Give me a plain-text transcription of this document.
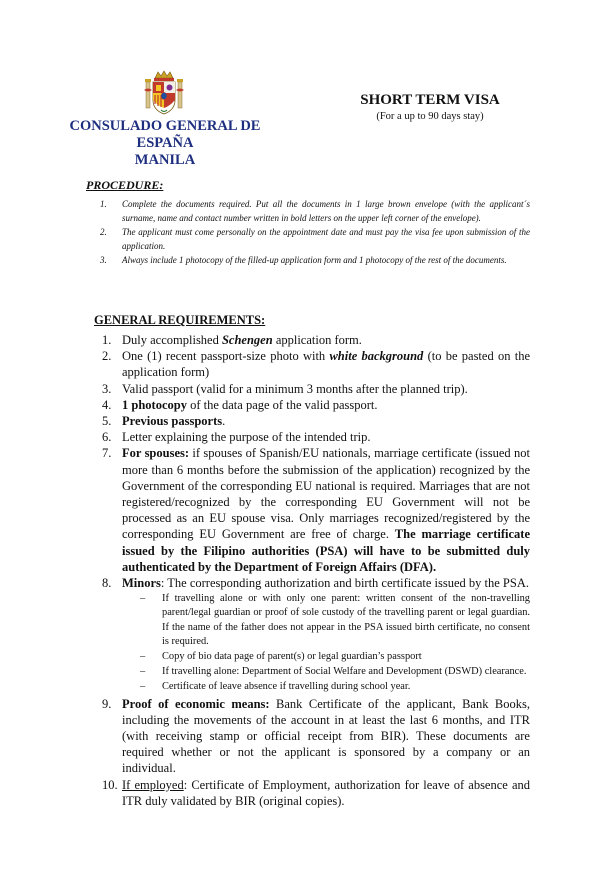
CONSULADO GENERAL DE ESPAÑA
MANILA
SHORT TERM VISA
(For a up to 90 days stay)
PROCEDURE:
1.	Complete the documents required. Put all the documents in 1 large brown envelope (with the applicant´s surname, name and contact number written in bold letters on the upper left corner of the envelope).
2.	The applicant must come personally on the appointment date and must pay the visa fee upon submission of the application.
3.	Always include 1 photocopy of the filled-up application form and 1 photocopy of the rest of the documents.
GENERAL REQUIREMENTS:
1. Duly accomplished Schengen application form.
2. One (1) recent passport-size photo with white background (to be pasted on the application form)
3. Valid passport (valid for a minimum 3 months after the planned trip).
4. 1 photocopy of the data page of the valid passport.
5. Previous passports.
6. Letter explaining the purpose of the intended trip.
7. For spouses: if spouses of Spanish/EU nationals, marriage certificate (issued not more than 6 months before the submission of the application) recognized by the Government of the corresponding EU national is required. Marriages that are not registered/recognized by the corresponding EU Government will not be processed as an EU spouse visa. Only marriages recognized/registered by the corresponding EU Government are free of charge. The marriage certificate issued by the Filipino authorities (PSA) will have to be submitted duly authenticated by the Department of Foreign Affairs (DFA).
8. Minors: The corresponding authorization and birth certificate issued by the PSA.
–	If travelling alone or with only one parent: written consent of the non-travelling parent/legal guardian or proof of sole custody of the travelling parent or legal guardian. If the name of the father does not appear in the PSA issued birth certificate, no consent is required.
–	Copy of bio data page of parent(s) or legal guardian’s passport
–	If travelling alone: Department of Social Welfare and Development (DSWD) clearance.
–	Certificate of leave absence if travelling during school year.
9. Proof of economic means: Bank Certificate of the applicant, Bank Books, including the movements of the account in at least the last 6 months, and ITR (with receiving stamp or official receipt from BIR). These documents are required whether or not the applicant is sponsored by a company or an individual.
10. If employed: Certificate of Employment, authorization for leave of absence and ITR duly validated by BIR (original copies).
